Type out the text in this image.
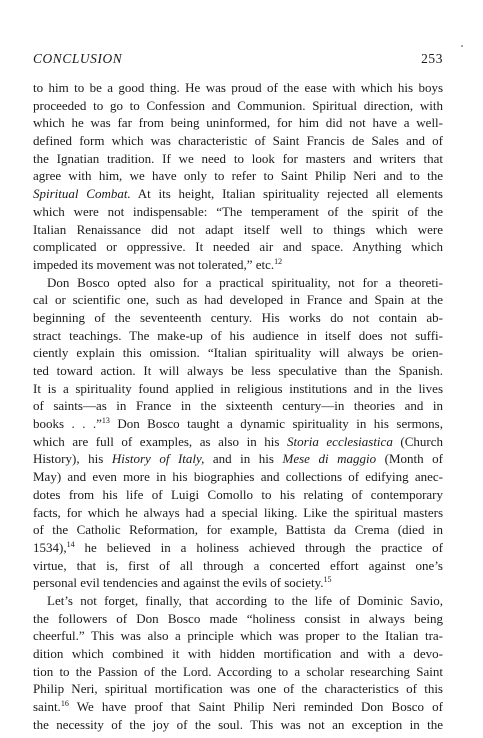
CONCLUSION	253
to him to be a good thing. He was proud of the ease with which his boys
proceeded to go to Confession and Communion. Spiritual direction, with
which he was far from being uninformed, for him did not have a well-
defined form which was characteristic of Saint Francis de Sales and of
the Ignatian tradition. If we need to look for masters and writers that
agree with him, we have only to refer to Saint Philip Neri and to the
Spiritual Combat. At its height, Italian spirituality rejected all elements
which were not indispensable: “The temperament of the spirit of the
Italian Renaissance did not adapt itself well to things which were
complicated or oppressive. It needed air and space. Anything which
impeded its movement was not tolerated,” etc.$^{12}$
Don Bosco opted also for a practical spirituality, not for a theoreti-
cal or scientific one, such as had developed in France and Spain at the
beginning of the seventeenth century. His works do not contain ab-
stract teachings. The make-up of his audience in itself does not suffi-
ciently explain this omission. “Italian spirituality will always be orien-
ted toward action. It will always be less speculative than the Spanish.
It is a spirituality found applied in religious institutions and in the lives
of saints—as in France in the sixteenth century—in theories and in
books . . .”$^{13}$ Don Bosco taught a dynamic spirituality in his sermons,
which are full of examples, as also in his Storia ecclesiastica (Church
History), his History of Italy, and in his Mese di maggio (Month of
May) and even more in his biographies and collections of edifying anec-
dotes from his life of Luigi Comollo to his relating of contemporary
facts, for which he always had a special liking. Like the spiritual masters
of the Catholic Reformation, for example, Battista da Crema (died in
1534),$^{14}$ he believed in a holiness achieved through the practice of
virtue, that is, first of all through a concerted effort against one’s
personal evil tendencies and against the evils of society.$^{15}$
Let’s not forget, finally, that according to the life of Dominic Savio,
the followers of Don Bosco made “holiness consist in always being
cheerful.” This was also a principle which was proper to the Italian tra-
dition which combined it with hidden mortification and with a devo-
tion to the Passion of the Lord. According to a scholar researching Saint
Philip Neri, spiritual mortification was one of the characteristics of this
saint.$^{16}$ We have proof that Saint Philip Neri reminded Don Bosco of
the necessity of the joy of the soul. This was not an exception in the
